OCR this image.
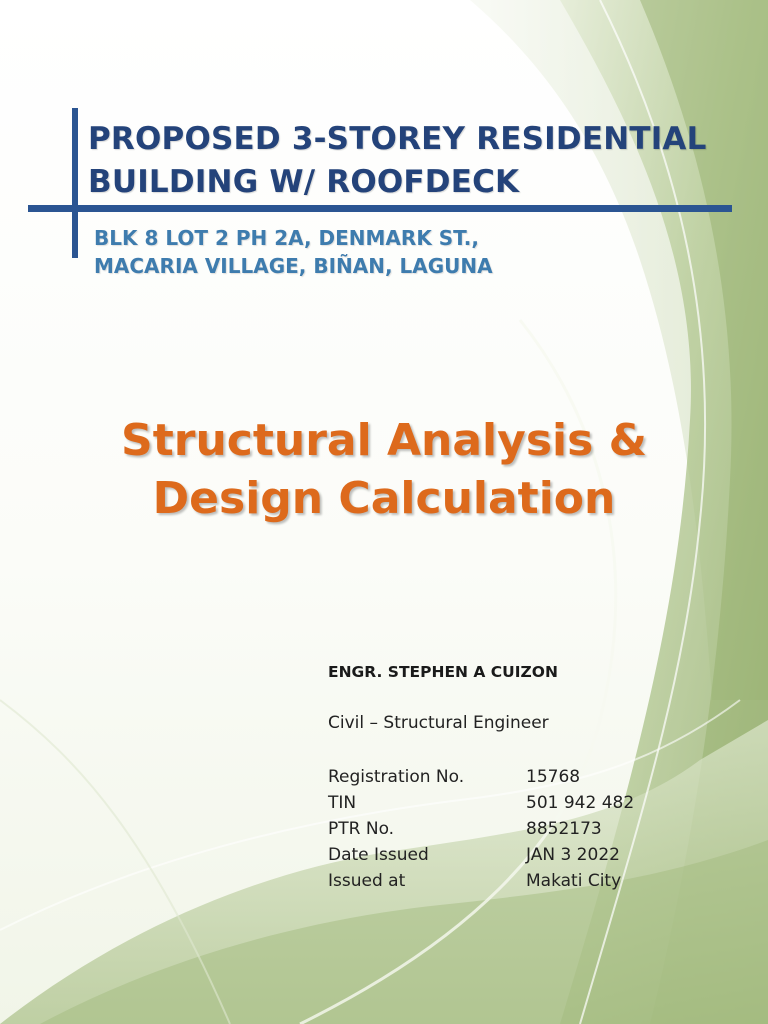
PROPOSED 3-STOREY RESIDENTIAL
BUILDING W/ ROOFDECK
BLK 8 LOT 2 PH 2A, DENMARK ST.,
MACARIA VILLAGE, BIÑAN, LAGUNA
Structural Analysis &
Design Calculation

ENGR. STEPHEN A CUIZON

Civil – Structural Engineer

Registration No.	15768
TIN	501 942 482
PTR No.	8852173
Date Issued	JAN 3 2022
Issued at	Makati City
